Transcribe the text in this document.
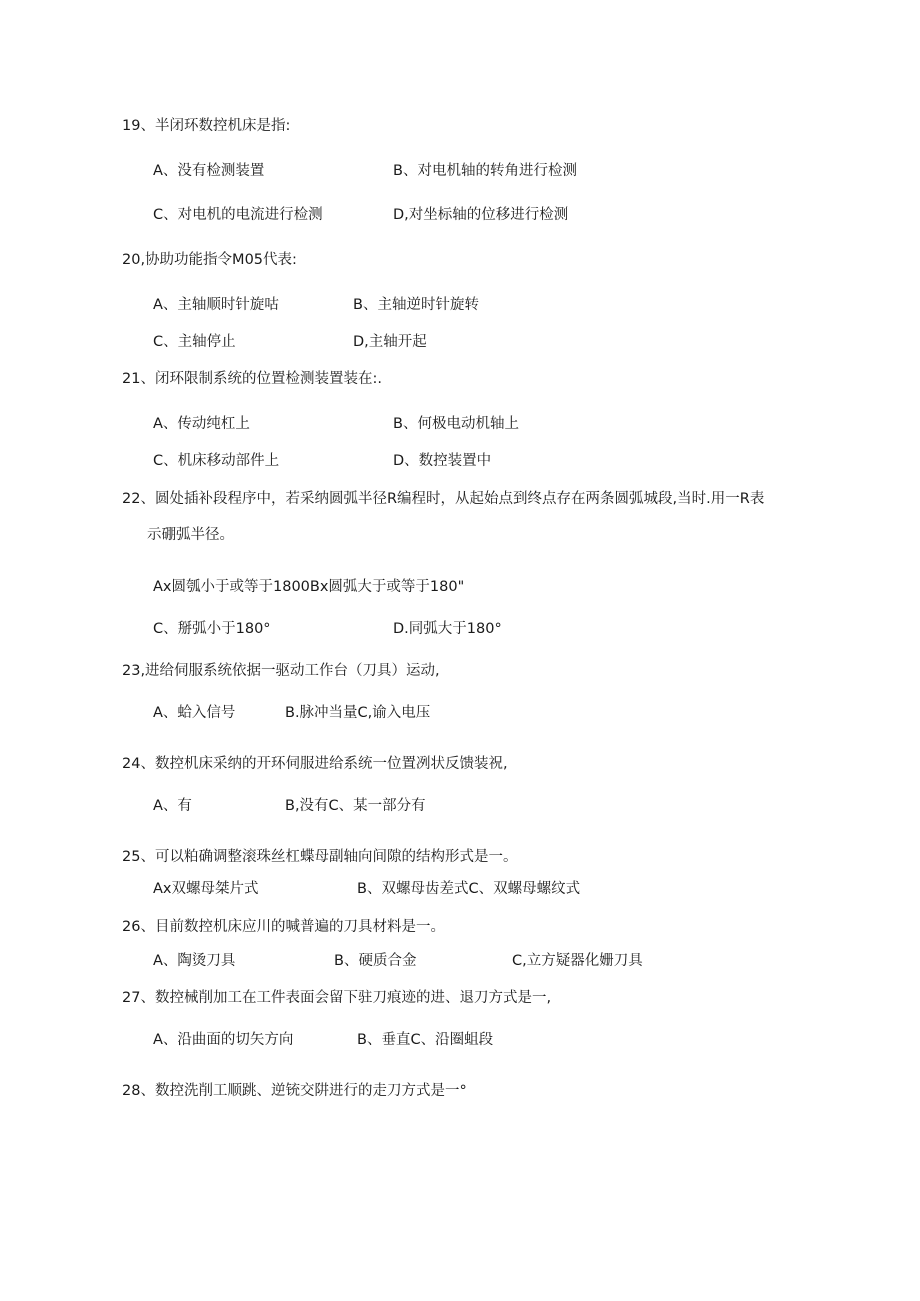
19、半闭环数控机床是指:
A、没有检测装置	B、对电机轴的转角进行检测
C、对电机的电流进行检测	D,对坐标轴的位移进行检测
20,协助功能指令M05代表:
A、主轴顺时针旋咕	B、主轴逆时针旋转
C、主轴停止	D,主轴开起
21、闭环限制系统的位置检测装置装在:.
A、传动纯杠上	B、何极电动机轴上
C、机床移动部件上	D、数控装置中
22、圆处插补段程序中，若采纳圆弧半径R编程时，从起始点到终点存在两条圆弧城段,当时.用一R表
示硼弧半径。
Ax圆瓠小于或等于1800Bx圆弧大于或等于180"
C、掰弧小于180°	D.同弧大于180°
23,进给伺服系统依据一驱动工作台（刀具）运动,
A、蛤入信号	B.脉冲当量C,谕入电压
24、数控机床采纳的开环伺服进给系统一位置冽状反馈装祝,
A、有	B,没有C、某一部分有
25、可以粕确调整滚珠丝杠蝶母副轴向间隙的结构形式是一。
Ax双螺母桀片式	B、双螺母齿差式C、双螺母螺纹式
26、目前数控机床应川的喊普遍的刀具材料是一。
A、陶烫刀具	B、硬质合金	C,立方疑器化姗刀具
27、数控械削加工在工件表面会留下驻刀痕迹的进、退刀方式是一,
A、沿曲面的切矢方向	B、垂直C、沿圈蛆段
28、数控洗削工顺跳、逆铳交阱进行的走刀方式是一°
